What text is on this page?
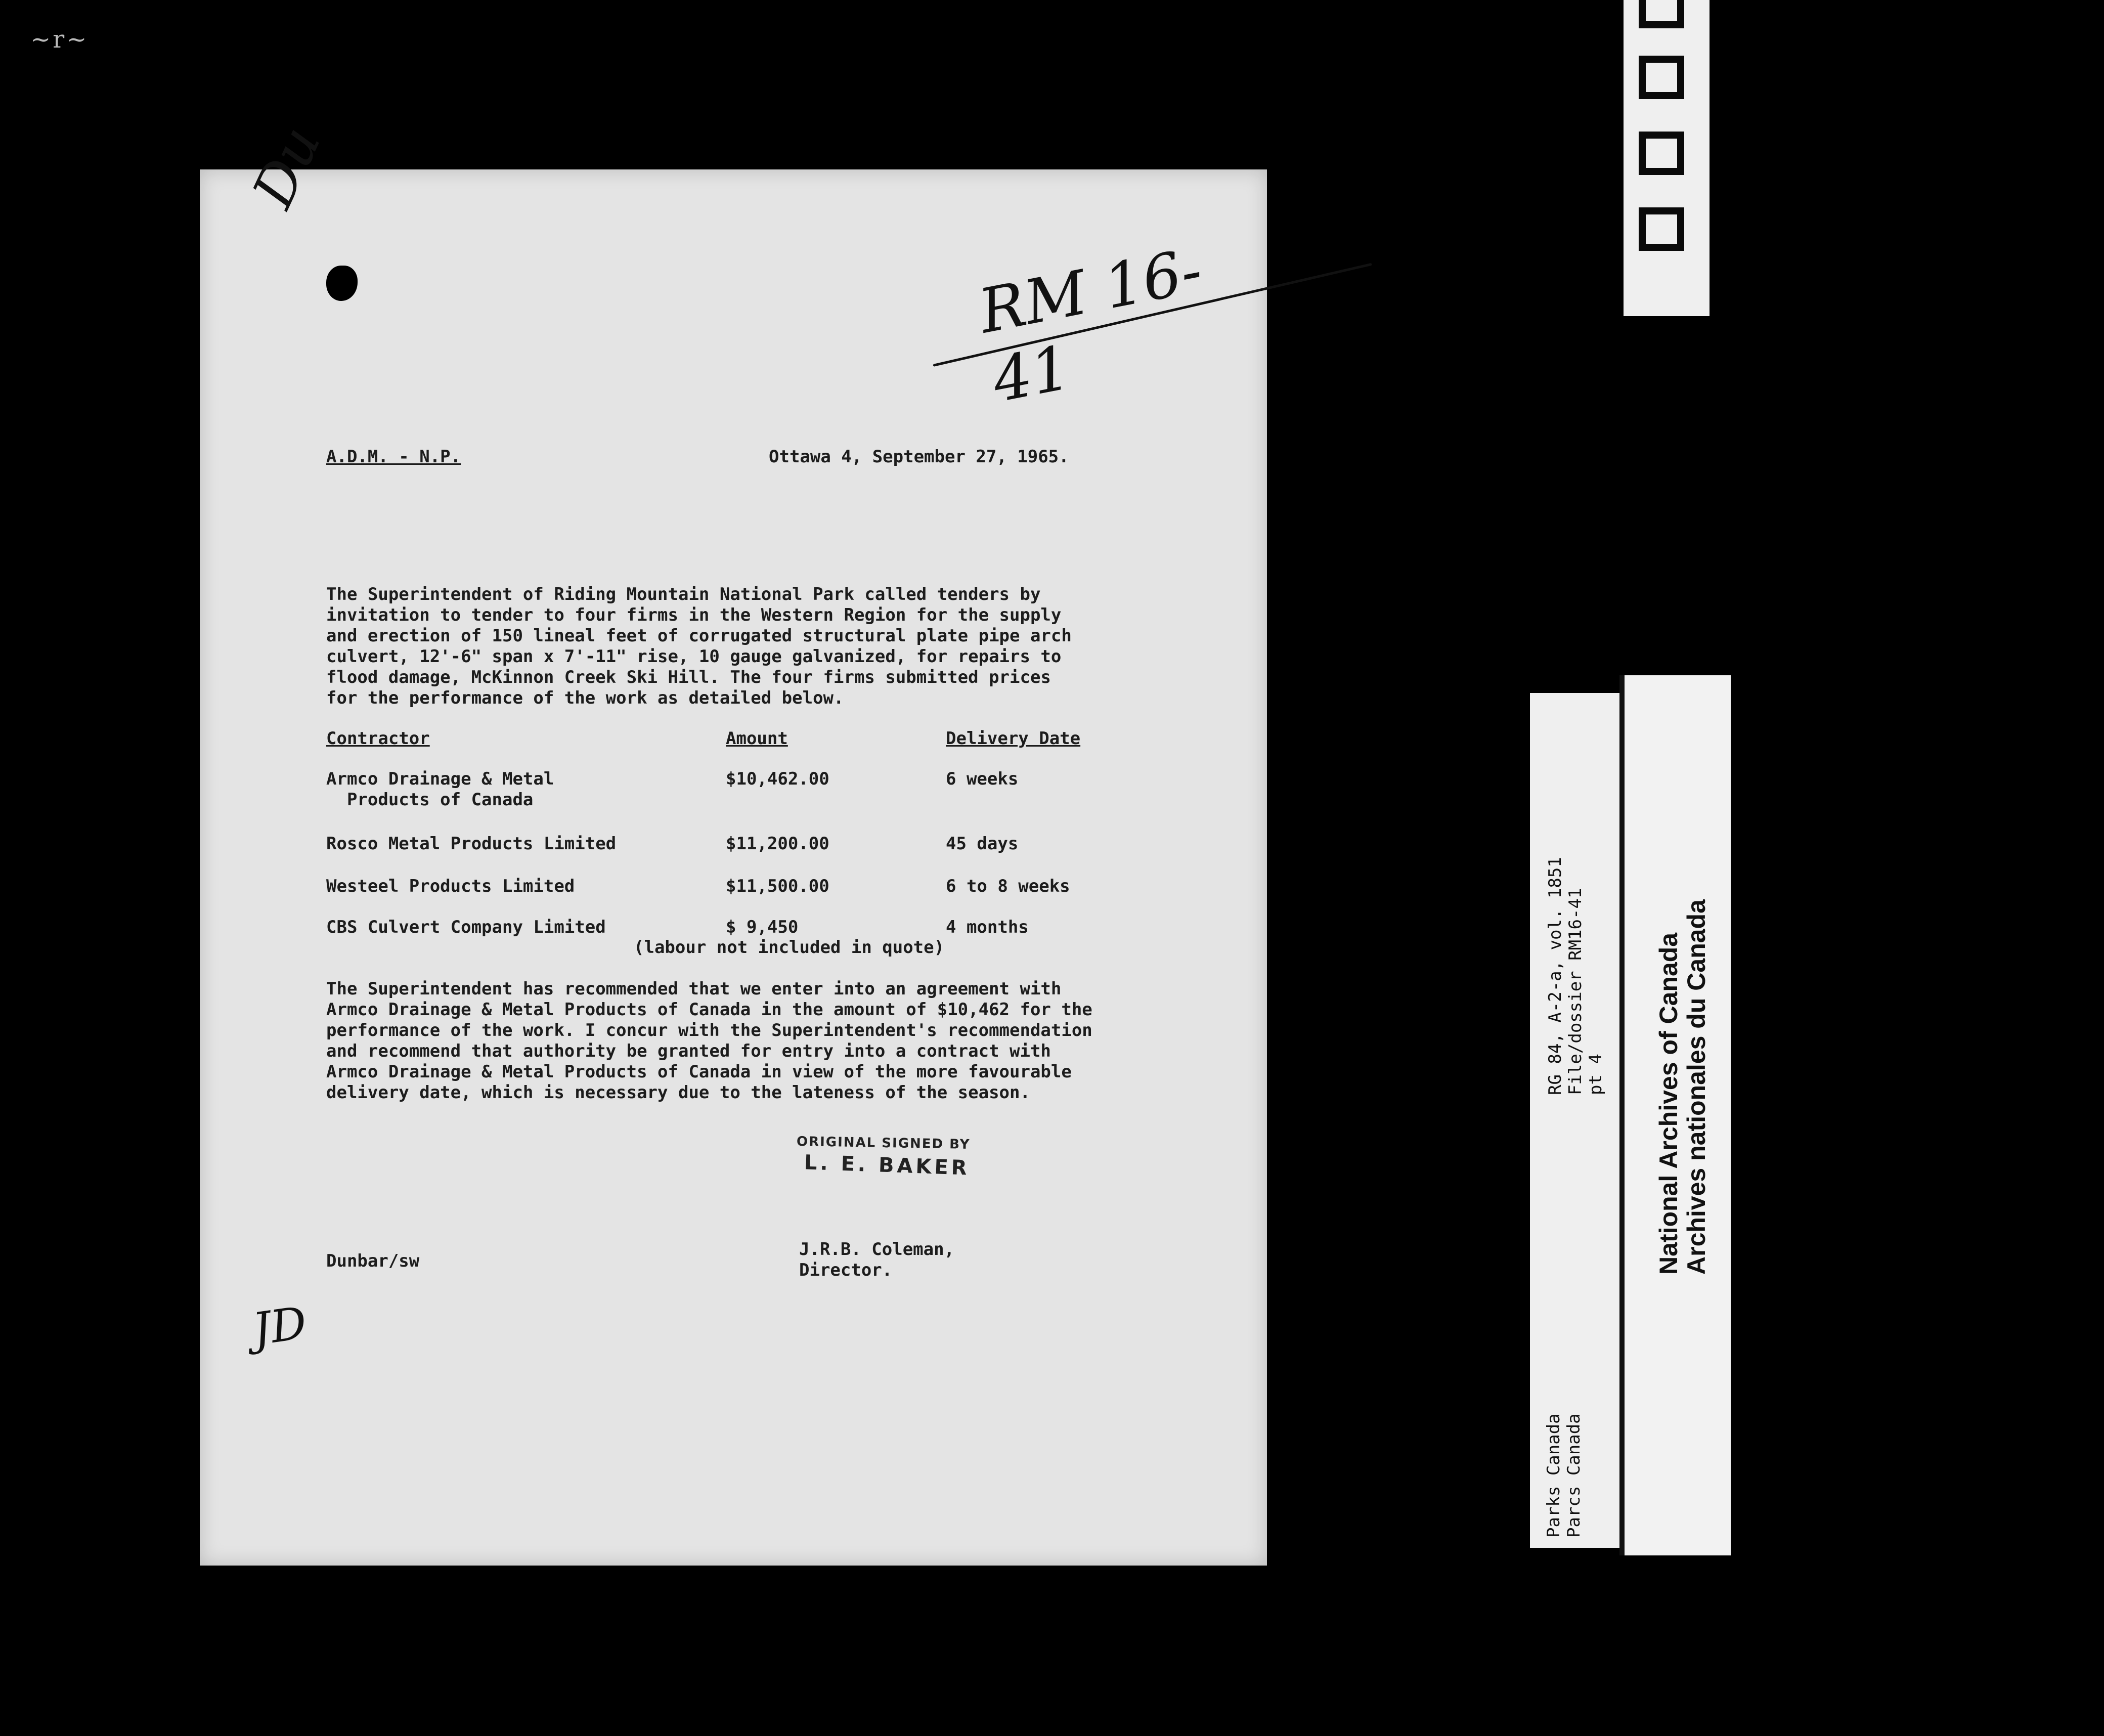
~r~
Du
RM 16-41
A.D.M. - N.P.	Ottawa 4, September 27, 1965.
The Superintendent of Riding Mountain National Park called tenders by
invitation to tender to four firms in the Western Region for the supply
and erection of 150 lineal feet of corrugated structural plate pipe arch
culvert, 12'-6" span x 7'-11" rise, 10 gauge galvanized, for repairs to
flood damage, McKinnon Creek Ski Hill. The four firms submitted prices
for the performance of the work as detailed below.
Contractor	Amount	Delivery Date
Armco Drainage & Metal
Products of Canada
$10,462.00	6 weeks
Rosco Metal Products Limited	$11,200.00	45 days
Westeel Products Limited	$11,500.00	6 to 8 weeks
CBS Culvert Company Limited	$ 9,450	4 months
(labour not included in quote)
The Superintendent has recommended that we enter into an agreement with
Armco Drainage & Metal Products of Canada in the amount of $10,462 for the
performance of the work. I concur with the Superintendent's recommendation
and recommend that authority be granted for entry into a contract with
Armco Drainage & Metal Products of Canada in view of the more favourable
delivery date, which is necessary due to the lateness of the season.
ORIGINAL SIGNED BY
L. E. BAKER
J.R.B. Coleman,
Director.
Dunbar/sw
JD
RG 84, A-2-a, vol. 1851 File/dossier RM16-41 pt 4
Parks Canada Parcs Canada
National Archives of Canada Archives nationales du Canada
